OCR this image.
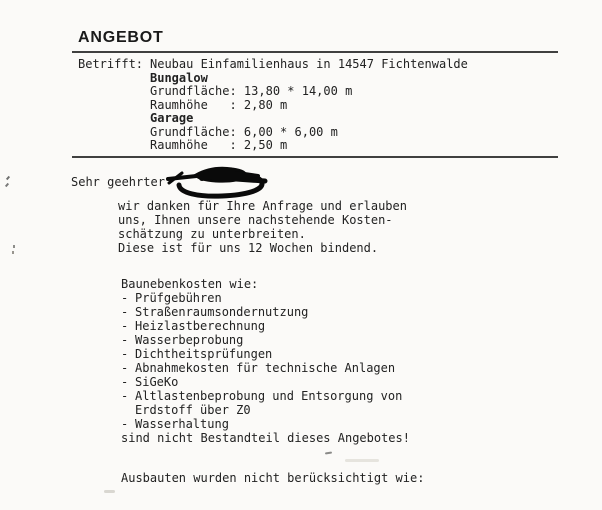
ANGEBOT
Betrifft: Neubau Einfamilienhaus in 14547 Fichtenwalde
Bungalow
Grundfläche: 13,80 * 14,00 m
Raumhöhe   : 2,80 m
Garage
Grundfläche: 6,00 * 6,00 m
Raumhöhe   : 2,50 m
Sehr geehrter
wir danken für Ihre Anfrage und erlauben
uns, Ihnen unsere nachstehende Kosten-
schätzung zu unterbreiten.
Diese ist für uns 12 Wochen bindend.
Baunebenkosten wie:
- Prüfgebühren
- Straßenraumsondernutzung
- Heizlastberechnung
- Wasserbeprobung
- Dichtheitsprüfungen
- Abnahmekosten für technische Anlagen
- SiGeKo
- Altlastenbeprobung und Entsorgung von Erdstoff über Z0
- Wasserhaltung
sind nicht Bestandteil dieses Angebotes!
Ausbauten wurden nicht berücksichtigt wie:
